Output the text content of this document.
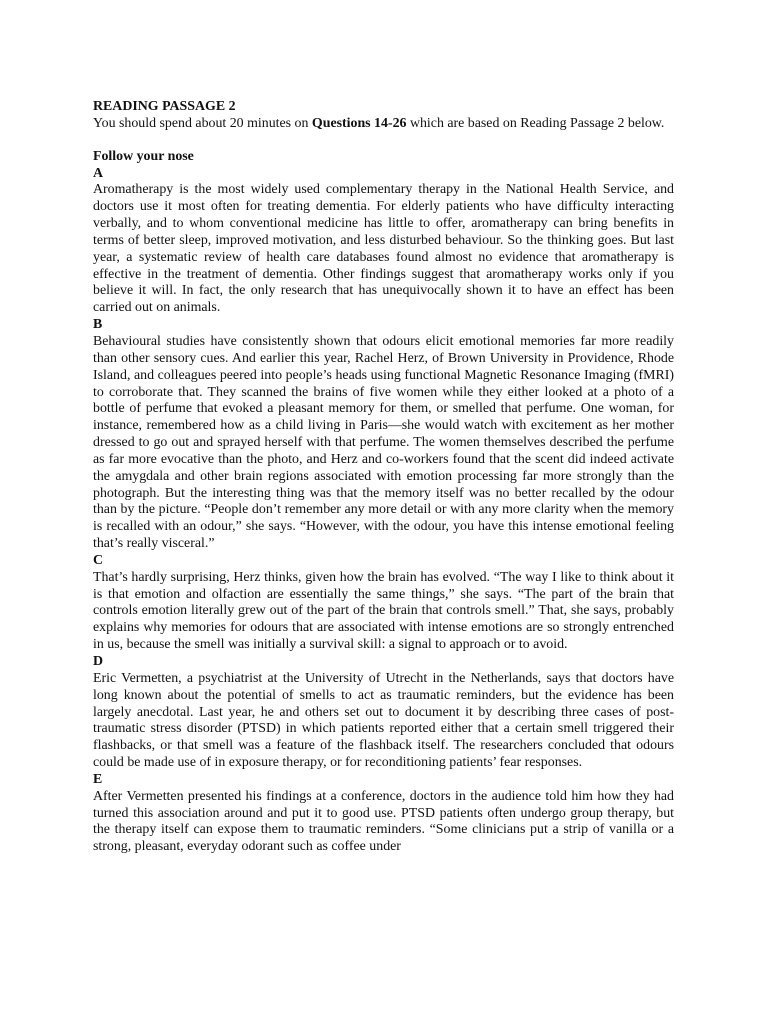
READING PASSAGE 2
You should spend about 20 minutes on Questions 14-26 which are based on Reading Passage 2 below.
Follow your nose
A
Aromatherapy is the most widely used complementary therapy in the National Health Service, and doctors use it most often for treating dementia. For elderly patients who have difficulty interacting verbally, and to whom conventional medicine has little to offer, aromatherapy can bring benefits in terms of better sleep, improved motivation, and less disturbed behaviour. So the thinking goes. But last year, a systematic review of health care databases found almost no evidence that aromatherapy is effective in the treatment of dementia. Other findings suggest that aromatherapy works only if you believe it will. In fact, the only research that has unequivocally shown it to have an effect has been carried out on animals.
B
Behavioural studies have consistently shown that odours elicit emotional memories far more readily than other sensory cues. And earlier this year, Rachel Herz, of Brown University in Providence, Rhode Island, and colleagues peered into people’s heads using functional Magnetic Resonance Imaging (fMRI) to corroborate that. They scanned the brains of five women while they either looked at a photo of a bottle of perfume that evoked a pleasant memory for them, or smelled that perfume. One woman, for instance, remembered how as a child living in Paris—she would watch with excitement as her mother dressed to go out and sprayed herself with that perfume. The women themselves described the perfume as far more evocative than the photo, and Herz and co-workers found that the scent did indeed activate the amygdala and other brain regions associated with emotion processing far more strongly than the photograph. But the interesting thing was that the memory itself was no better recalled by the odour than by the picture. “People don’t remember any more detail or with any more clarity when the memory is recalled with an odour,” she says. “However, with the odour, you have this intense emotional feeling that’s really visceral.”
C
That’s hardly surprising, Herz thinks, given how the brain has evolved. “The way I like to think about it is that emotion and olfaction are essentially the same things,” she says. “The part of the brain that controls emotion literally grew out of the part of the brain that controls smell.” That, she says, probably explains why memories for odours that are associated with intense emotions are so strongly entrenched in us, because the smell was initially a survival skill: a signal to approach or to avoid.
D
Eric Vermetten, a psychiatrist at the University of Utrecht in the Netherlands, says that doctors have long known about the potential of smells to act as traumatic reminders, but the evidence has been largely anecdotal. Last year, he and others set out to document it by describing three cases of post-traumatic stress disorder (PTSD) in which patients reported either that a certain smell triggered their flashbacks, or that smell was a feature of the flashback itself. The researchers concluded that odours could be made use of in exposure therapy, or for reconditioning patients’ fear responses.
E
After Vermetten presented his findings at a conference, doctors in the audience told him how they had turned this association around and put it to good use. PTSD patients often undergo group therapy, but the therapy itself can expose them to traumatic reminders. “Some clinicians put a strip of vanilla or a strong, pleasant, everyday odorant such as coffee under
